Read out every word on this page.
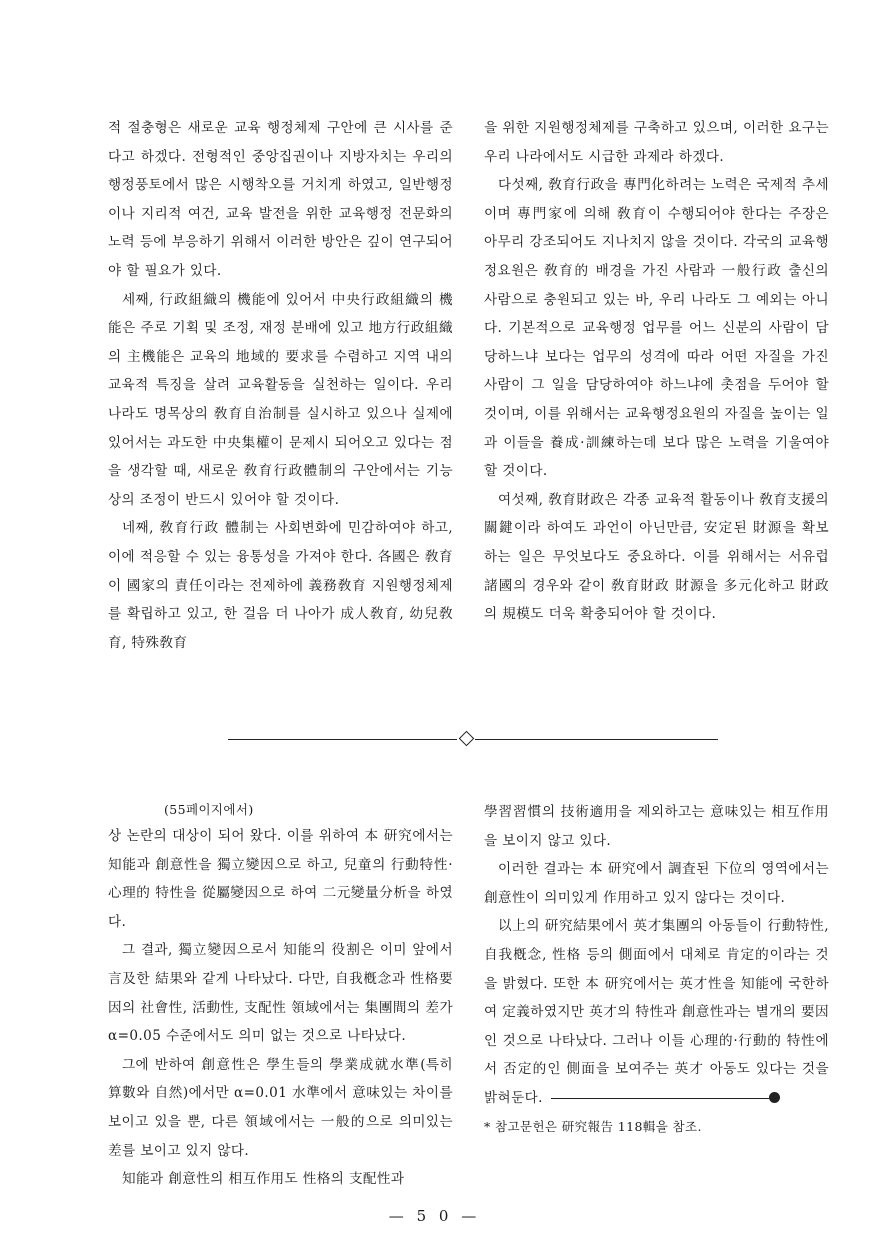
적 절충형은 새로운 교육 행정체제 구안에 큰 시사를 준다고 하겠다. 전형적인 중앙집권이나 지방자치는 우리의 행정풍토에서 많은 시행착오를 거치게 하였고, 일반행정이나 지리적 여건, 교육 발전을 위한 교육행정 전문화의 노력 등에 부응하기 위해서 이러한 방안은 깊이 연구되어야 할 필요가 있다.

세째, 行政組織의 機能에 있어서 中央行政組織의 機能은 주로 기획 및 조정, 재정 분배에 있고 地方行政組織의 主機能은 교육의 地域的 要求를 수렴하고 지역 내의 교육적 특징을 살려 교육활동을 실천하는 일이다. 우리 나라도 명목상의 敎育自治制를 실시하고 있으나 실제에 있어서는 과도한 中央集權이 문제시 되어오고 있다는 점을 생각할 때, 새로운 敎育行政體制의 구안에서는 기능상의 조정이 반드시 있어야 할 것이다.

네째, 敎育行政 體制는 사회변화에 민감하여야 하고, 이에 적응할 수 있는 융통성을 가져야 한다. 各國은 敎育이 國家의 責任이라는 전제하에 義務敎育 지원행정체제를 확립하고 있고, 한 걸음 더 나아가 成人敎育, 幼兒敎育, 特殊敎育

을 위한 지원행정체제를 구축하고 있으며, 이러한 요구는 우리 나라에서도 시급한 과제라 하겠다.

다섯째, 敎育行政을 專門化하려는 노력은 국제적 추세이며 專門家에 의해 敎育이 수행되어야 한다는 주장은 아무리 강조되어도 지나치지 않을 것이다. 각국의 교육행정요원은 敎育的 배경을 가진 사람과 一般行政 출신의 사람으로 충원되고 있는 바, 우리 나라도 그 예외는 아니다. 기본적으로 교육행정 업무를 어느 신분의 사람이 담당하느냐 보다는 업무의 성격에 따라 어떤 자질을 가진 사람이 그 일을 담당하여야 하느냐에 촛점을 두어야 할 것이며, 이를 위해서는 교육행정요원의 자질을 높이는 일과 이들을 養成·訓練하는데 보다 많은 노력을 기울여야 할 것이다.

여섯째, 敎育財政은 각종 교육적 활동이나 敎育支援의 關鍵이라 하여도 과언이 아닌만큼, 安定된 財源을 확보하는 일은 무엇보다도 중요하다. 이를 위해서는 서유럽 諸國의 경우와 같이 敎育財政 財源을 多元化하고 財政의 規模도 더욱 확충되어야 할 것이다.

(55페이지에서)

상 논란의 대상이 되어 왔다. 이를 위하여 本 研究에서는 知能과 創意性을 獨立變因으로 하고, 兒童의 行動特性·心理的 特性을 從屬變因으로 하여 二元變量分析을 하였다.

그 결과, 獨立變因으로서 知能의 役割은 이미 앞에서 言及한 結果와 같게 나타났다. 다만, 自我槪念과 性格要因의 社會性, 活動性, 支配性 領域에서는 集團間의 差가 α=0.05 수준에서도 의미 없는 것으로 나타났다.

그에 반하여 創意性은 學生들의 學業成就水準(특히 算數와 自然)에서만 α=0.01 水準에서 意味있는 차이를 보이고 있을 뿐, 다른 領域에서는 一般的으로 의미있는 差를 보이고 있지 않다.

知能과 創意性의 相互作用도 性格의 支配性과

學習習慣의 技術適用을 제외하고는 意味있는 相互作用을 보이지 않고 있다.

이러한 결과는 本 研究에서 調査된 下位의 영역에서는 創意性이 의미있게 作用하고 있지 않다는 것이다.

以上의 研究結果에서 英才集團의 아동들이 行動特性, 自我槪念, 性格 등의 側面에서 대체로 肯定的이라는 것을 밝혔다. 또한 本 研究에서는 英才性을 知能에 국한하여 定義하였지만 英才의 特性과 創意性과는 별개의 要因인 것으로 나타났다. 그러나 이들 心理的·行動的 特性에서 否定的인 側面을 보여주는 英才 아동도 있다는 것을 밝혀둔다.

* 참고문헌은 研究報告 118輯을 참조.

— 5 0 —
